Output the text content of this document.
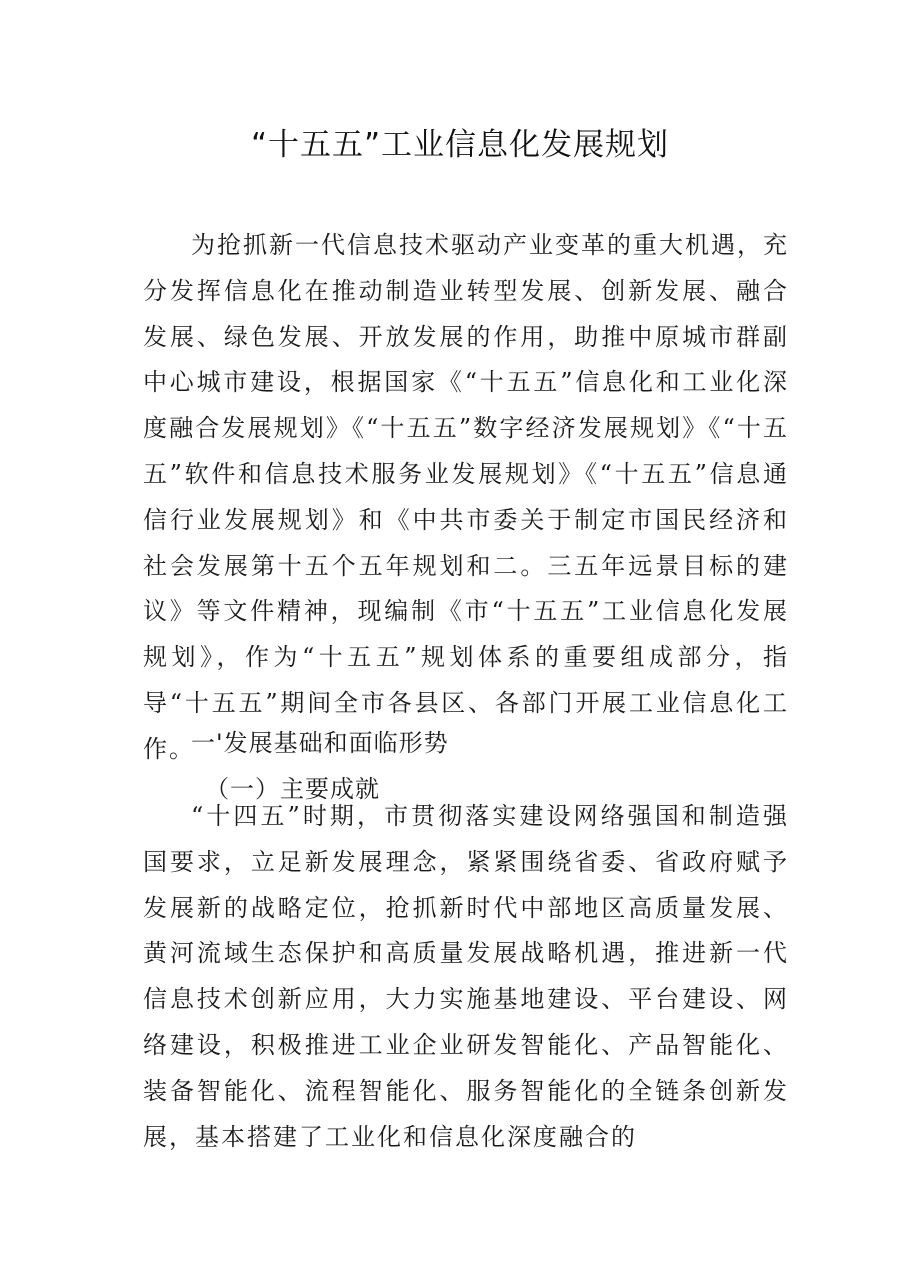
“十五五”工业信息化发展规划

为抢抓新一代信息技术驱动产业变革的重大机遇，充分发挥信息化在推动制造业转型发展、创新发展、融合发展、绿色发展、开放发展的作用，助推中原城市群副中心城市建设，根据国家《“十五五”信息化和工业化深度融合发展规划》《“十五五”数字经济发展规划》《“十五五”软件和信息技术服务业发展规划》《“十五五”信息通信行业发展规划》和《中共市委关于制定市国民经济和社会发展第十五个五年规划和二。三五年远景目标的建议》等文件精神，现编制《市“十五五”工业信息化发展规划》，作为“十五五”规划体系的重要组成部分，指导“十五五”期间全市各县区、各部门开展工业信息化工作。

一'发展基础和面临形势
（一）主要成就

“十四五”时期，市贯彻落实建设网络强国和制造强国要求，立足新发展理念，紧紧围绕省委、省政府赋予发展新的战略定位，抢抓新时代中部地区高质量发展、黄河流域生态保护和高质量发展战略机遇，推进新一代信息技术创新应用，大力实施基地建设、平台建设、网络建设，积极推进工业企业研发智能化、产品智能化、装备智能化、流程智能化、服务智能化的全链条创新发展，基本搭建了工业化和信息化深度融合的
